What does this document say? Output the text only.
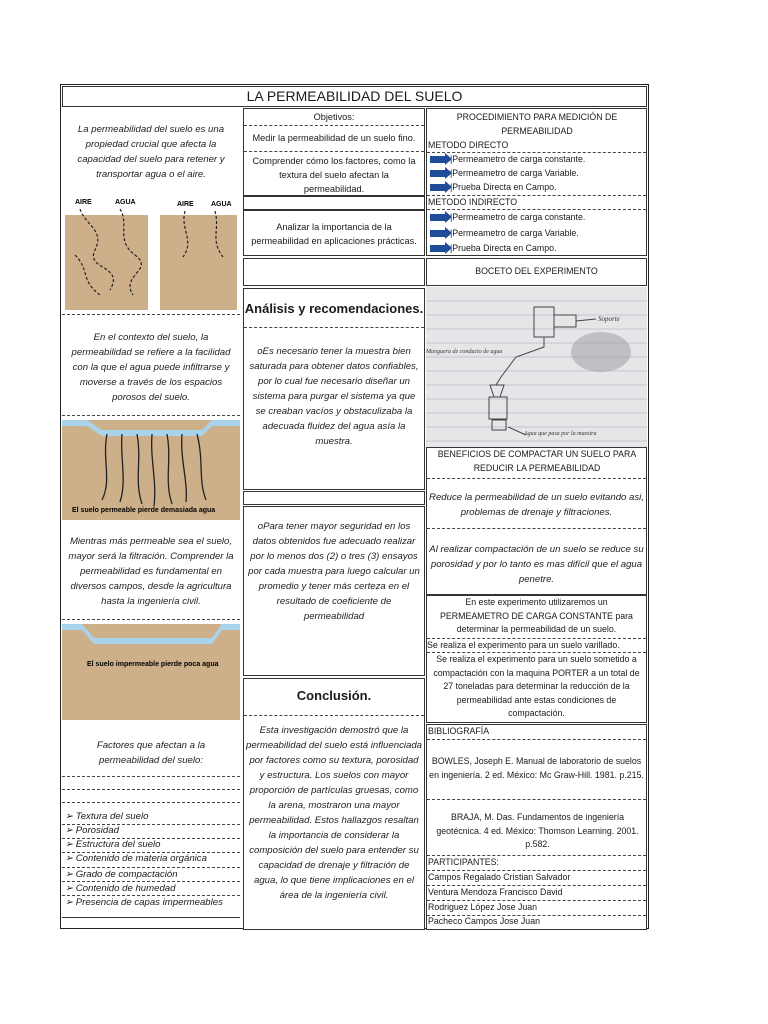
LA PERMEABILIDAD DEL SUELO
La permeabilidad del suelo es una propiedad crucial que afecta la capacidad del suelo para retener y transportar agua o el aire.
AIRE	AGUA	AIRE AGUA
En el contexto del suelo, la permeabilidad se refiere a la facilidad con la que el agua puede infiltrarse y moverse a través de los espacios porosos del suelo.
El suelo permeable pierde demasiada agua
Mientras más permeable sea el suelo, mayor será la filtración. Comprender la permeabilidad es fundamental en diversos campos, desde la agricultura hasta la ingeniería civil.
El suelo impermeable pierde poca agua
Factores que afectan a la permeabilidad del suelo:
➢ Textura del suelo
➢ Porosidad
➢ Estructura del suelo
➢ Contenido de materia orgánica
➢ Grado de compactación
➢ Contenido de humedad
➢ Presencia de capas impermeables
Objetivos:
Medir la permeabilidad de un suelo fino.
Comprender cómo los factores, como la textura del suelo afectan la permeabilidad.
Analizar la importancia de la permeabilidad en aplicaciones prácticas.
Análisis y recomendaciones.
oEs necesario tener la muestra bien saturada para obtener datos confiables, por lo cual fue necesario diseñar un sistema para purgar el sistema ya que se creaban vacíos y obstaculizaba la adecuada fluidez del agua asía la muestra.
oPara tener mayor seguridad en los datos obtenidos fue adecuado realizar por lo menos dos (2) o tres (3) ensayos por cada muestra para luego calcular un promedio y tener más certeza en el resultado de coeficiente de permeabilidad
Conclusión.
Esta investigación demostró que la permeabilidad del suelo está influenciada por factores como su textura, porosidad y estructura. Los suelos con mayor proporción de partículas gruesas, como la arena, mostraron una mayor permeabilidad. Estos hallazgos resaltan la importancia de considerar la composición del suelo para entender su capacidad de drenaje y filtración de agua, lo que tiene implicaciones en el área de la ingeniería civil.
PROCEDIMIENTO PARA MEDICIÓN DE PERMEABILIDAD
METODO DIRECTO
Permeametro de carga constante.
Permeametro de carga Variable.
Prueba Directa en Campo.
METODO INDIRECTO
Permeametro de carga constante.
Permeametro de carga Variable.
Prueba Directa en Campo.
BOCETO DEL EXPERIMENTO
Soporte
Manguera de conducto de agua
Agua que pasa por la muestra
BENEFICIOS DE COMPACTAR UN SUELO PARA REDUCIR LA PERMEABILIDAD
Reduce la permeabilidad de un suelo evitando asi, problemas de drenaje y filtraciones.
Al realizar compactación de un suelo se reduce su porosidad y por lo tanto es mas difícil que el agua penetre.
En este experimento utilizaremos un PERMEAMETRO DE CARGA CONSTANTE para determinar la permeabilidad de un suelo.
Se realiza el experimento para un suelo varillado.
Se realiza el experimento para un suelo sometido a compactación con la maquina PORTER a un total de 27 toneladas para determinar la reducción de la permeabilidad ante estas condiciones de compactación.
BIBLIOGRAFÍA
BOWLES, Joseph E. Manual de laboratorio de suelos en ingeniería. 2 ed. México: Mc Graw-Hill. 1981. p.215.
BRAJA, M. Das. Fundamentos de ingeniería geotécnica. 4 ed. México: Thomson Learning. 2001. p.582.
PARTICIPANTES:
Campos Regalado Cristian Salvador
Ventura Mendoza Francisco David
Rodriguez López Jose Juan
Pacheco Campos Jose Juan
